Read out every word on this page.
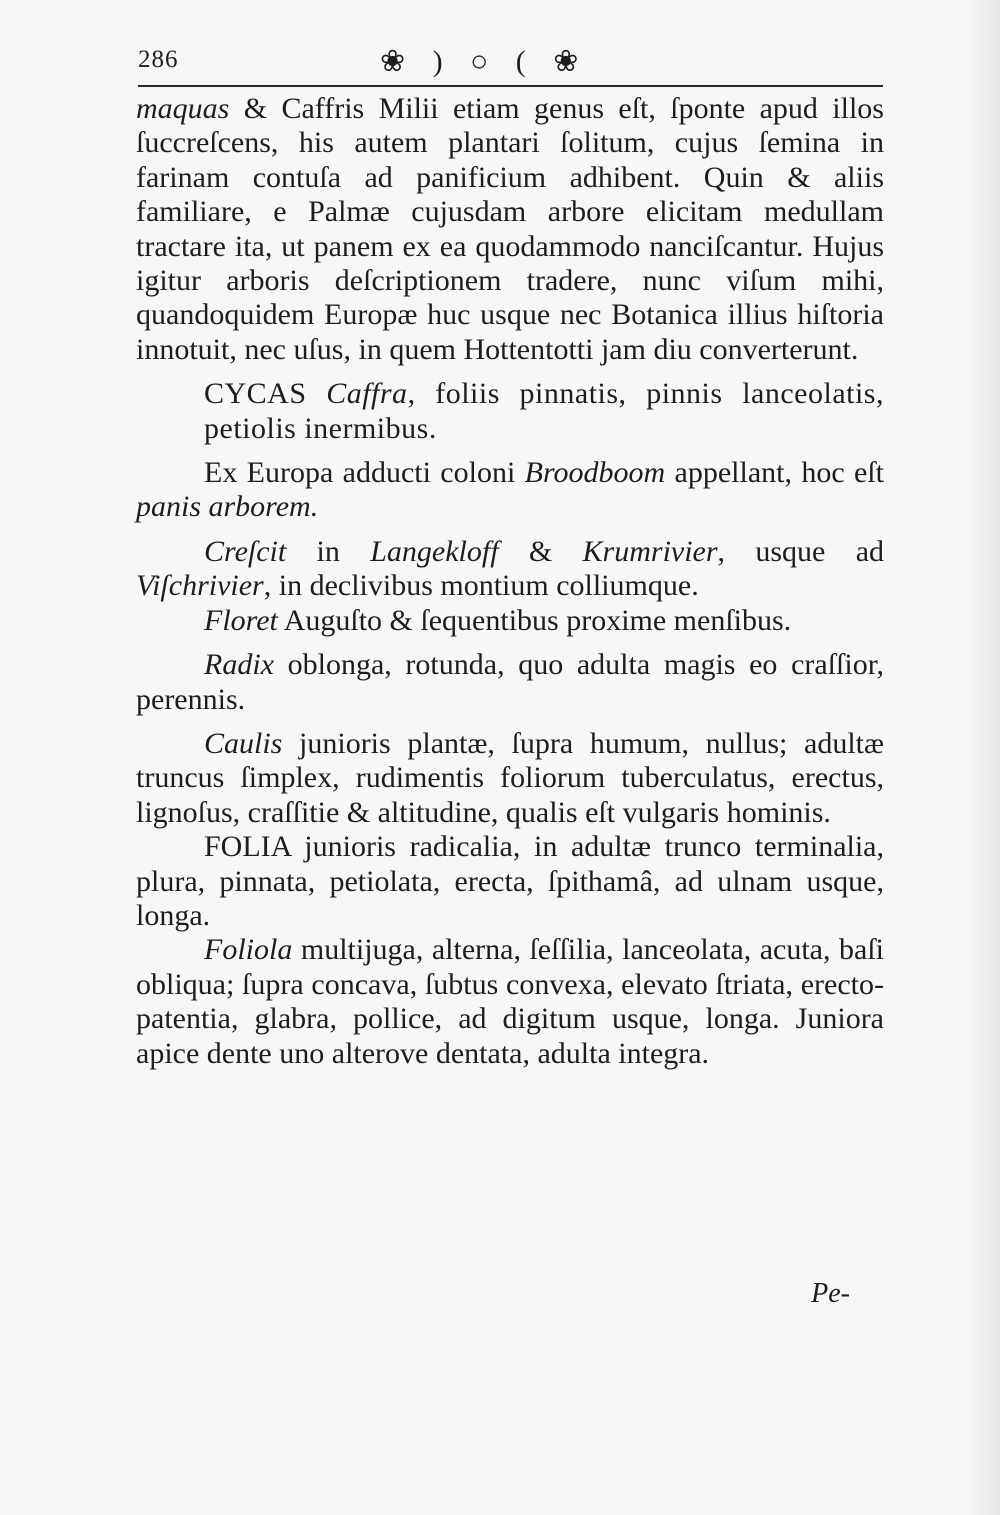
286	❀ ) ○ ( ❀

maquas & Caffris Milii etiam genus eſt, ſponte apud illos ſuccreſcens, his autem plantari ſolitum, cujus ſemina in farinam contuſa ad panificium adhibent. Quin & aliis familiare, e Palmæ cujusdam arbore elicitam medullam tractare ita, ut panem ex ea quodammodo nanciſcantur. Hujus igitur arboris deſcriptionem tradere, nunc viſum mihi, quandoquidem Europæ huc usque nec Botanica illius hiſtoria innotuit, nec uſus, in quem Hottentotti jam diu converterunt.

CYCAS Caffra, foliis pinnatis, pinnis lanceolatis, petiolis inermibus.

Ex Europa adducti coloni Broodboom appellant, hoc eſt panis arborem.

Creſcit in Langekloff & Krumrivier, usque ad Viſchrivier, in declivibus montium colliumque.

Floret Auguſto & ſequentibus proxime menſibus.

Radix oblonga, rotunda, quo adulta magis eo craſſior, perennis.

Caulis junioris plantæ, ſupra humum, nullus; adultæ truncus ſimplex, rudimentis foliorum tuberculatus, erectus, lignoſus, craſſitie & altitudine, qualis eſt vulgaris hominis.

FOLIA junioris radicalia, in adultæ trunco terminalia, plura, pinnata, petiolata, erecta, ſpithamâ, ad ulnam usque, longa.

Foliola multijuga, alterna, ſeſſilia, lanceolata, acuta, baſi obliqua; ſupra concava, ſubtus convexa, elevato ſtriata, erecto-patentia, glabra, pollice, ad digitum usque, longa. Juniora apice dente uno alterove dentata, adulta integra.

Pe-
